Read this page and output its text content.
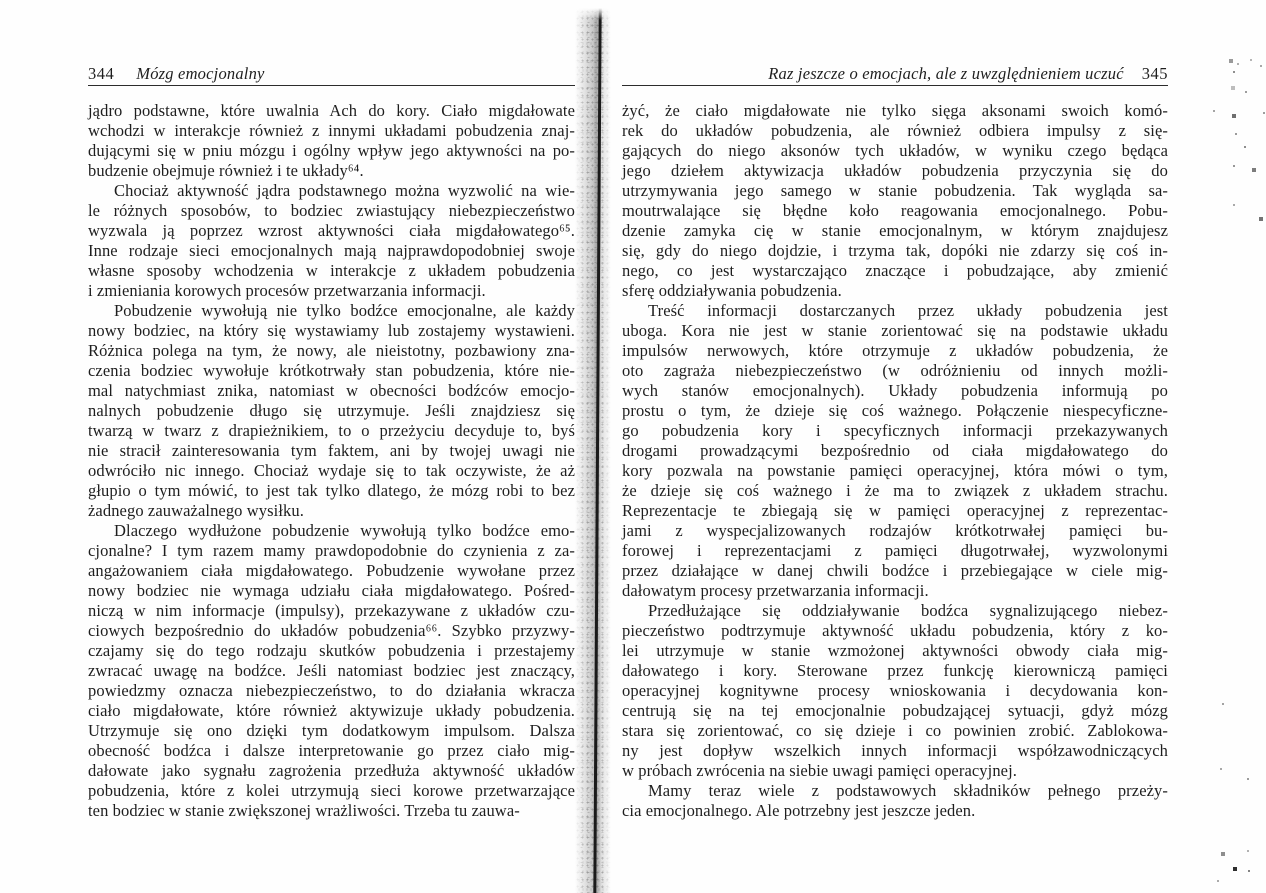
344 Mózg emocjonalny
jądro podstawne, które uwalnia Ach do kory. Ciało migdałowate
wchodzi w interakcje również z innymi układami pobudzenia znaj-
dującymi się w pniu mózgu i ogólny wpływ jego aktywności na po-
budzenie obejmuje również i te układy⁶⁴.
Chociaż aktywność jądra podstawnego można wyzwolić na wie-
le różnych sposobów, to bodziec zwiastujący niebezpieczeństwo
wyzwala ją poprzez wzrost aktywności ciała migdałowatego⁶⁵.
Inne rodzaje sieci emocjonalnych mają najprawdopodobniej swoje
własne sposoby wchodzenia w interakcje z układem pobudzenia
i zmieniania korowych procesów przetwarzania informacji.
Pobudzenie wywołują nie tylko bodźce emocjonalne, ale każdy
nowy bodziec, na który się wystawiamy lub zostajemy wystawieni.
Różnica polega na tym, że nowy, ale nieistotny, pozbawiony zna-
czenia bodziec wywołuje krótkotrwały stan pobudzenia, które nie-
mal natychmiast znika, natomiast w obecności bodźców emocjo-
nalnych pobudzenie długo się utrzymuje. Jeśli znajdziesz się
twarzą w twarz z drapieżnikiem, to o przeżyciu decyduje to, byś
nie stracił zainteresowania tym faktem, ani by twojej uwagi nie
odwróciło nic innego. Chociaż wydaje się to tak oczywiste, że aż
głupio o tym mówić, to jest tak tylko dlatego, że mózg robi to bez
żadnego zauważalnego wysiłku.
Dlaczego wydłużone pobudzenie wywołują tylko bodźce emo-
cjonalne? I tym razem mamy prawdopodobnie do czynienia z za-
angażowaniem ciała migdałowatego. Pobudzenie wywołane przez
nowy bodziec nie wymaga udziału ciała migdałowatego. Pośred-
niczą w nim informacje (impulsy), przekazywane z układów czu-
ciowych bezpośrednio do układów pobudzenia⁶⁶. Szybko przyzwy-
czajamy się do tego rodzaju skutków pobudzenia i przestajemy
zwracać uwagę na bodźce. Jeśli natomiast bodziec jest znaczący,
powiedzmy oznacza niebezpieczeństwo, to do działania wkracza
ciało migdałowate, które również aktywizuje układy pobudzenia.
Utrzymuje się ono dzięki tym dodatkowym impulsom. Dalsza
obecność bodźca i dalsze interpretowanie go przez ciało mig-
dałowate jako sygnału zagrożenia przedłuża aktywność układów
pobudzenia, które z kolei utrzymują sieci korowe przetwarzające
ten bodziec w stanie zwiększonej wrażliwości. Trzeba tu zauwa-
Raz jeszcze o emocjach, ale z uwzględnieniem uczuć 345
żyć, że ciało migdałowate nie tylko sięga aksonami swoich komó-
rek do układów pobudzenia, ale również odbiera impulsy z się-
gających do niego aksonów tych układów, w wyniku czego będąca
jego dziełem aktywizacja układów pobudzenia przyczynia się do
utrzymywania jego samego w stanie pobudzenia. Tak wygląda sa-
moutrwalające się błędne koło reagowania emocjonalnego. Pobu-
dzenie zamyka cię w stanie emocjonalnym, w którym znajdujesz
się, gdy do niego dojdzie, i trzyma tak, dopóki nie zdarzy się coś in-
nego, co jest wystarczająco znaczące i pobudzające, aby zmienić
sferę oddziaływania pobudzenia.
Treść informacji dostarczanych przez układy pobudzenia jest
uboga. Kora nie jest w stanie zorientować się na podstawie układu
impulsów nerwowych, które otrzymuje z układów pobudzenia, że
oto zagraża niebezpieczeństwo (w odróżnieniu od innych możli-
wych stanów emocjonalnych). Układy pobudzenia informują po
prostu o tym, że dzieje się coś ważnego. Połączenie niespecyficzne-
go pobudzenia kory i specyficznych informacji przekazywanych
drogami prowadzącymi bezpośrednio od ciała migdałowatego do
kory pozwala na powstanie pamięci operacyjnej, która mówi o tym,
że dzieje się coś ważnego i że ma to związek z układem strachu.
Reprezentacje te zbiegają się w pamięci operacyjnej z reprezentac-
jami z wyspecjalizowanych rodzajów krótkotrwałej pamięci bu-
forowej i reprezentacjami z pamięci długotrwałej, wyzwolonymi
przez działające w danej chwili bodźce i przebiegające w ciele mig-
dałowatym procesy przetwarzania informacji.
Przedłużające się oddziaływanie bodźca sygnalizującego niebez-
pieczeństwo podtrzymuje aktywność układu pobudzenia, który z ko-
lei utrzymuje w stanie wzmożonej aktywności obwody ciała mig-
dałowatego i kory. Sterowane przez funkcję kierowniczą pamięci
operacyjnej kognitywne procesy wnioskowania i decydowania kon-
centrują się na tej emocjonalnie pobudzającej sytuacji, gdyż mózg
stara się zorientować, co się dzieje i co powinien zrobić. Zablokowa-
ny jest dopływ wszelkich innych informacji współzawodniczących
w próbach zwrócenia na siebie uwagi pamięci operacyjnej.
Mamy teraz wiele z podstawowych składników pełnego przeży-
cia emocjonalnego. Ale potrzebny jest jeszcze jeden.
